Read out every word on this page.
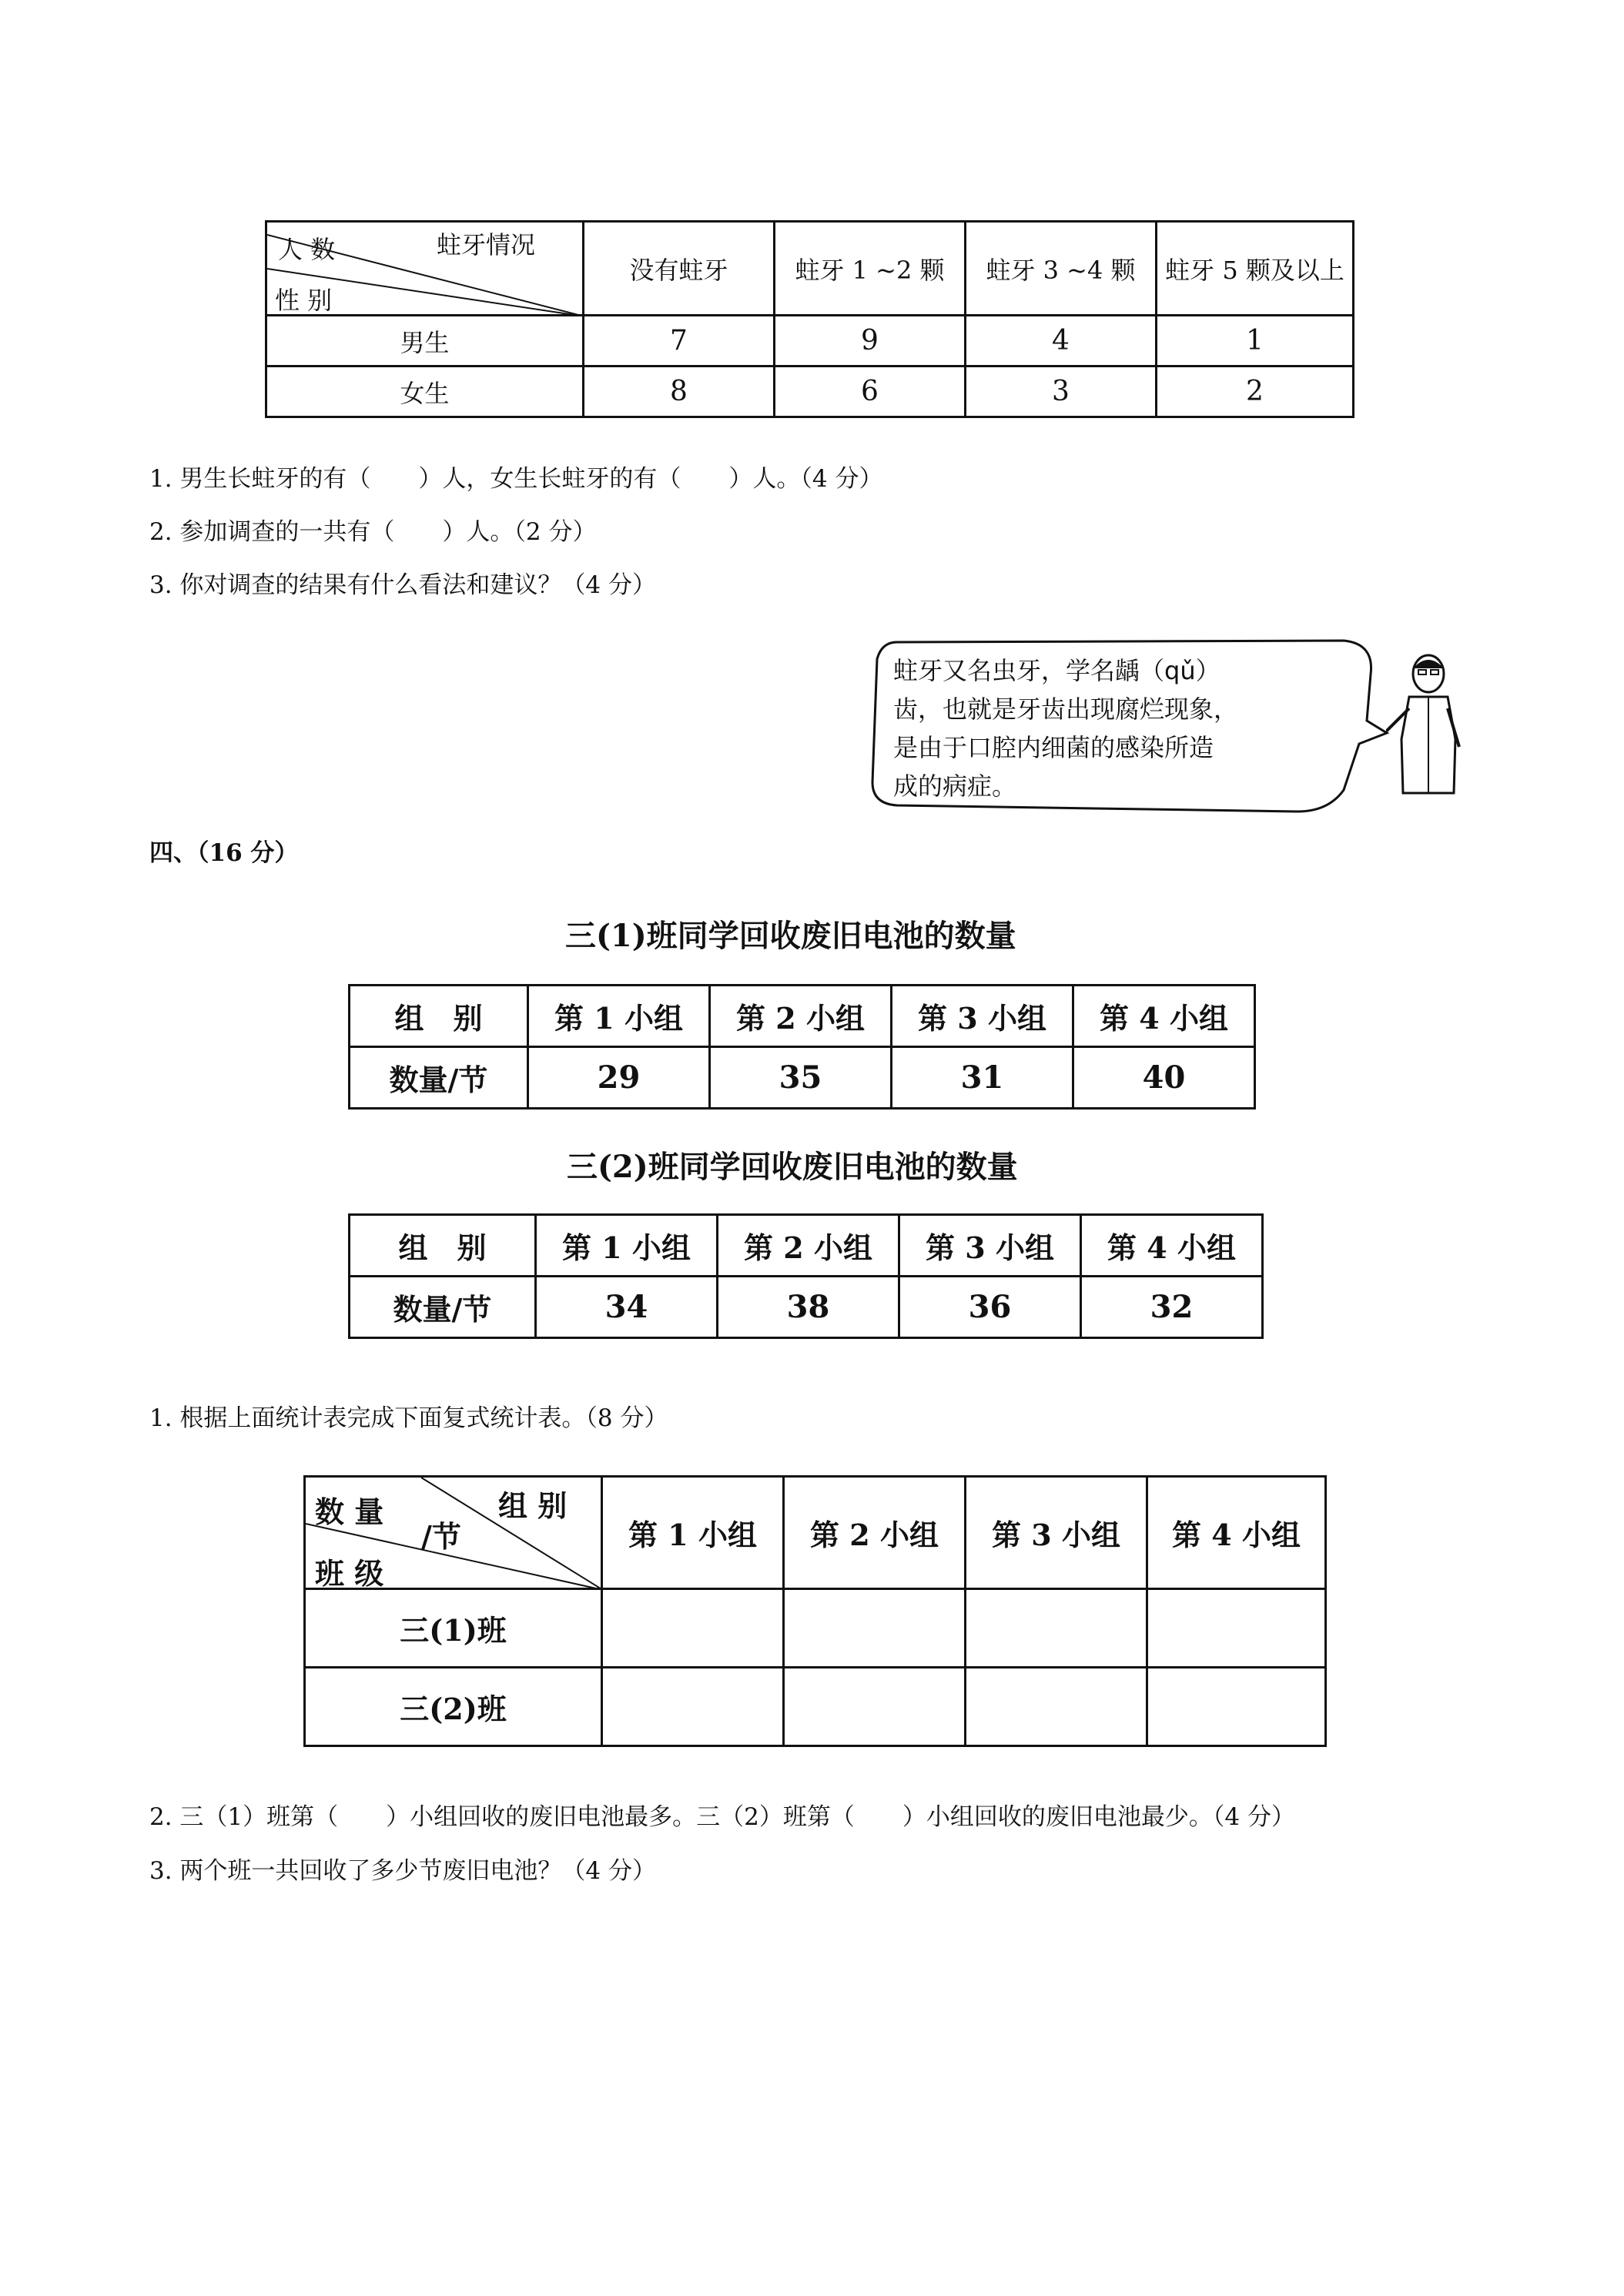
人 数 蛀牙情况
性 别	没有蛀牙	蛀牙 1 ~2 颗	蛀牙 3 ~4 颗	蛀牙 5 颗及以上
男生	7	9	4	1
女生	8	6	3	2
1. 男生长蛀牙的有（　　）人，女生长蛀牙的有（　　）人。（4 分）
2. 参加调查的一共有（　　）人。（2 分）
3. 你对调查的结果有什么看法和建议？（4 分）
蛀牙又名虫牙，学名龋（qǔ）
齿，也就是牙齿出现腐烂现象，
是由于口腔内细菌的感染所造
成的病症。
四、（16 分）
三(1)班同学回收废旧电池的数量
组　别	第 1 小组	第 2 小组	第 3 小组	第 4 小组
数量/节	29	35	31	40
三(2)班同学回收废旧电池的数量
组　别	第 1 小组	第 2 小组	第 3 小组	第 4 小组
数量/节	34	38	36	32
1. 根据上面统计表完成下面复式统计表。（8 分）
数 量
/节
组 别
班 级	第 1 小组	第 2 小组	第 3 小组	第 4 小组
三(1)班				
三(2)班				
2. 三（1）班第（　　）小组回收的废旧电池最多。三（2）班第（　　）小组回收的废旧电池最少。（4 分）
3. 两个班一共回收了多少节废旧电池？（4 分）
